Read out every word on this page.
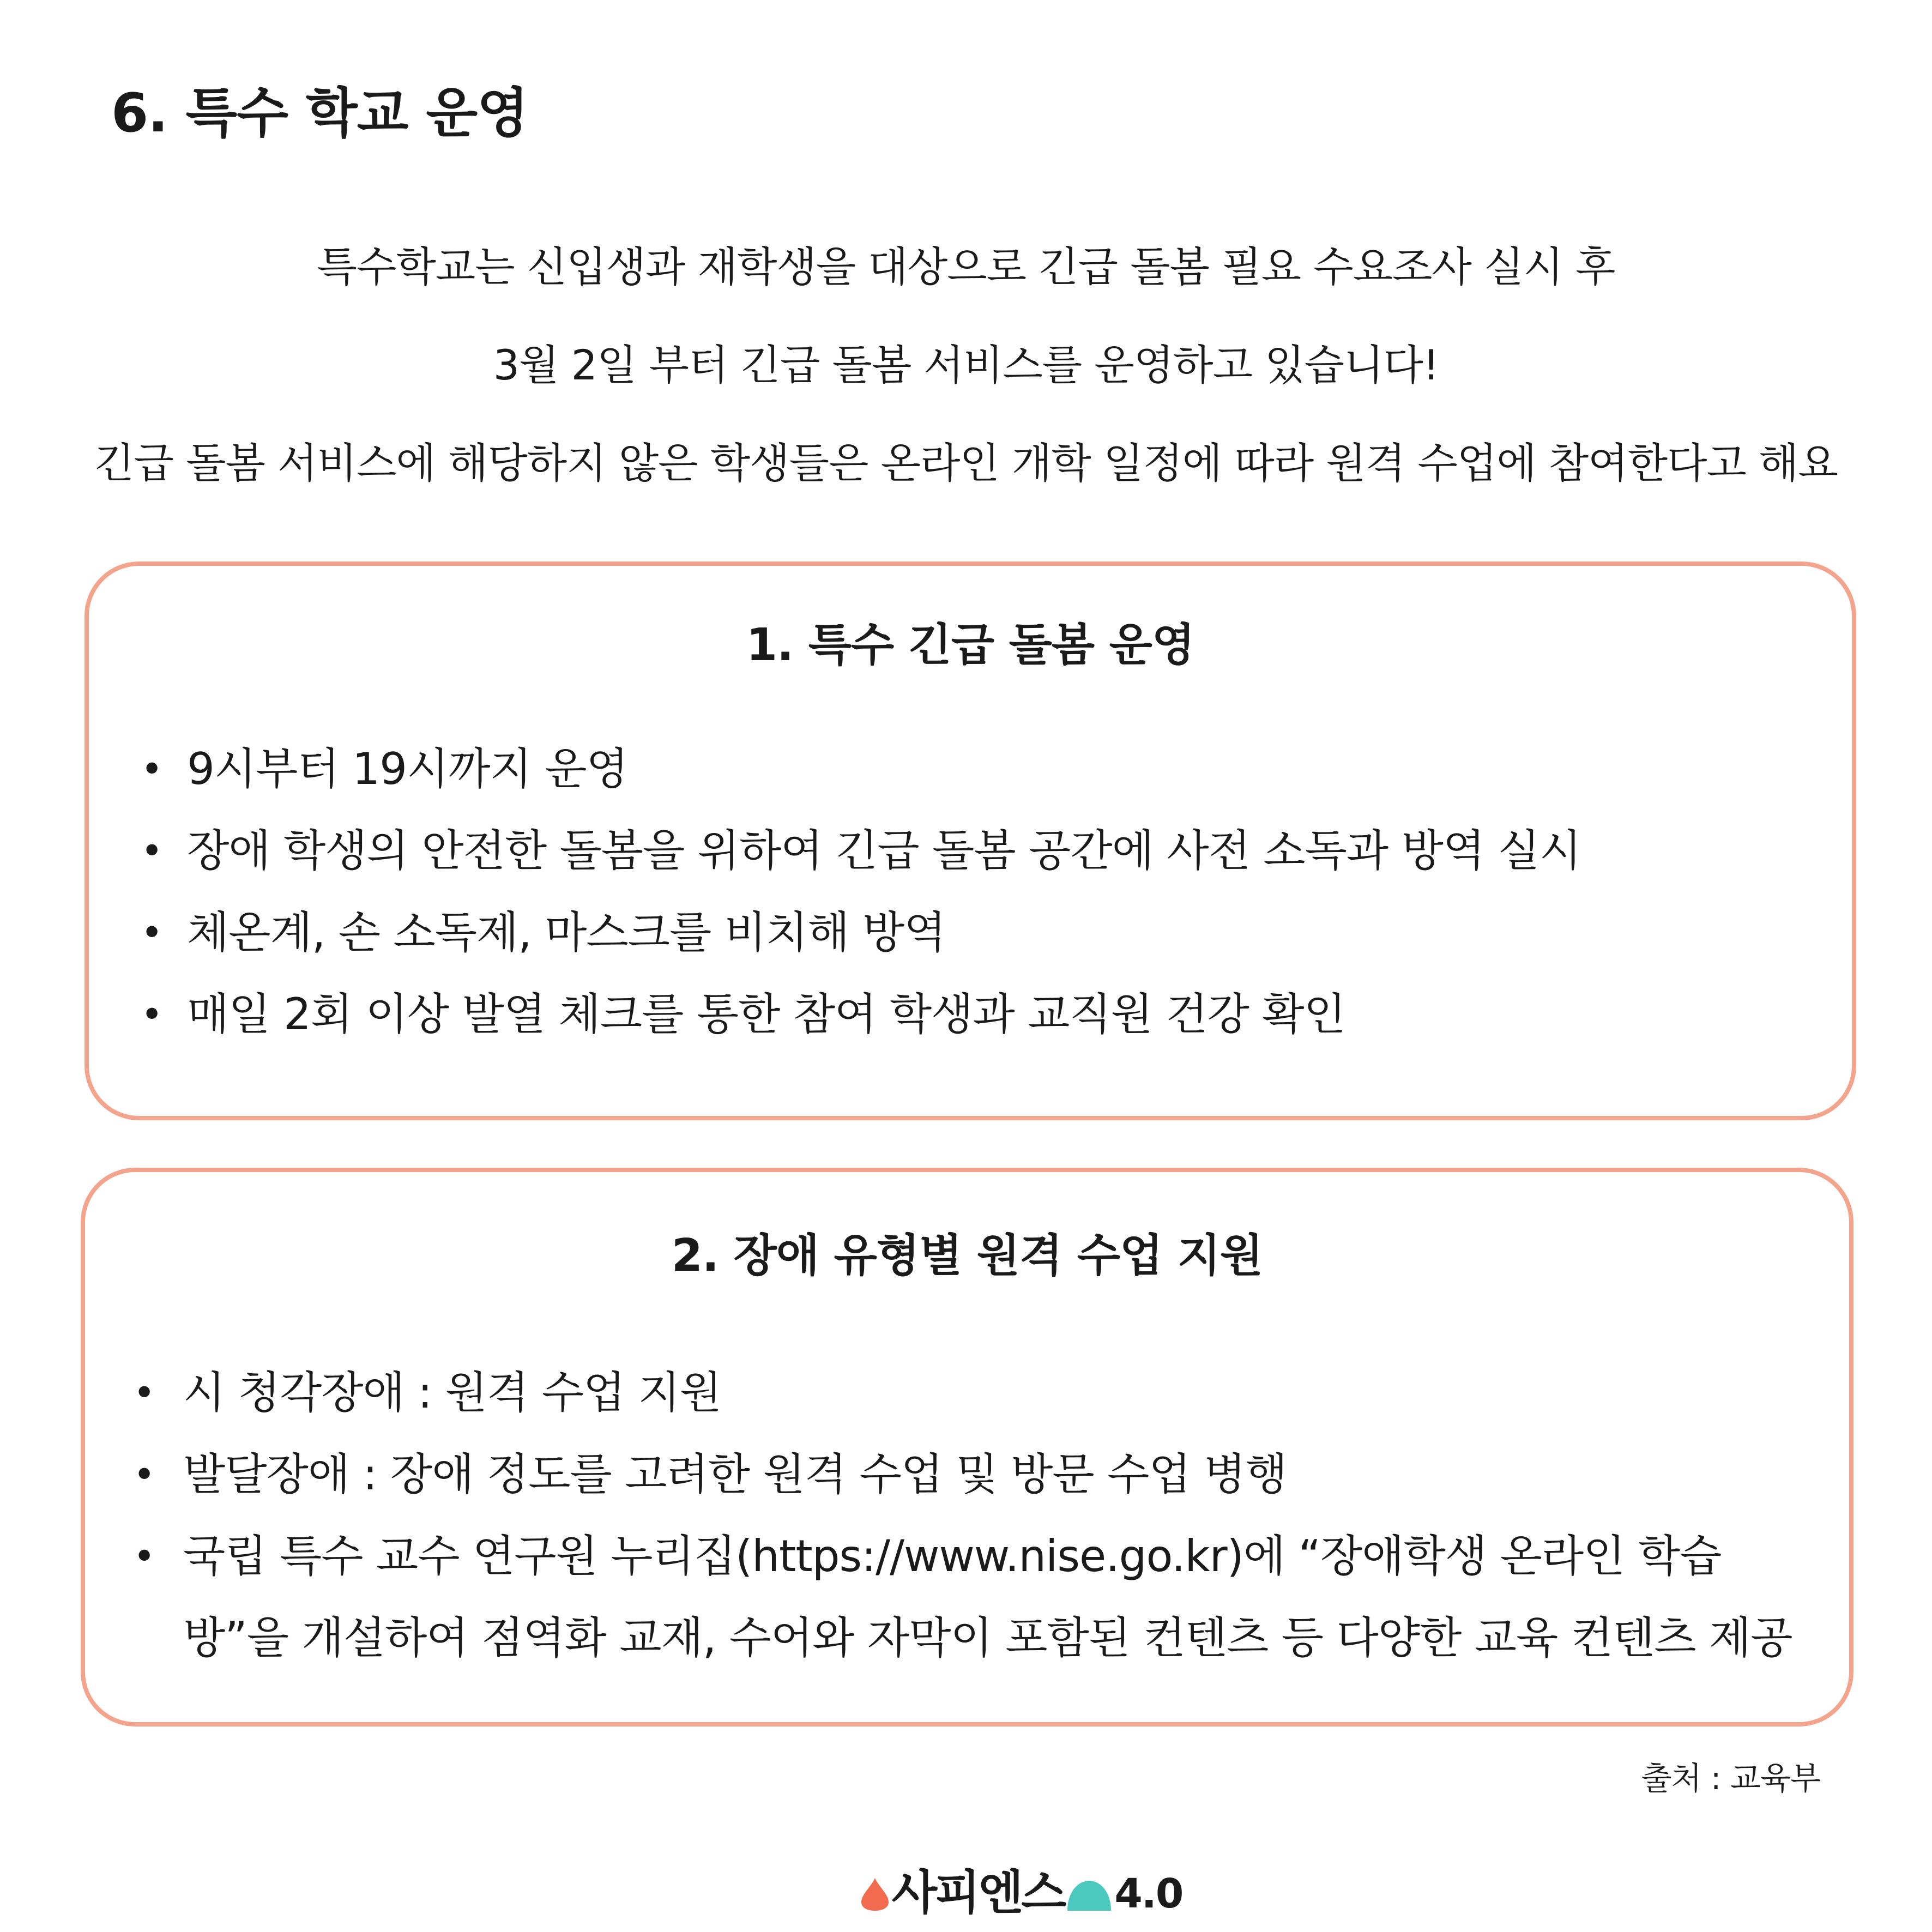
6. 특수 학교 운영

특수학교는 신입생과 재학생을 대상으로 긴급 돌봄 필요 수요조사 실시 후

3월 2일 부터 긴급 돌봄 서비스를 운영하고 있습니다!

긴급 돌봄 서비스에 해당하지 않은 학생들은 온라인 개학 일정에 따라 원격 수업에 참여한다고 해요

1. 특수 긴급 돌봄 운영
• 9시부터 19시까지 운영
• 장애 학생의 안전한 돌봄을 위하여 긴급 돌봄 공간에 사전 소독과 방역 실시
• 체온계, 손 소독제, 마스크를 비치해 방역
• 매일 2회 이상 발열 체크를 통한 참여 학생과 교직원 건강 확인
2. 장애 유형별 원격 수업 지원
• 시 청각장애 : 원격 수업 지원
• 발달장애 : 장애 정도를 고려한 원격 수업 및 방문 수업 병행
• 국립 특수 교수 연구원 누리집(https://www.nise.go.kr)에 “장애학생 온라인 학습방”을 개설하여 점역화 교재, 수어와 자막이 포함된 컨텐츠 등 다양한 교육 컨텐츠 제공
출처 : 교육부
사피엔스 4.0
